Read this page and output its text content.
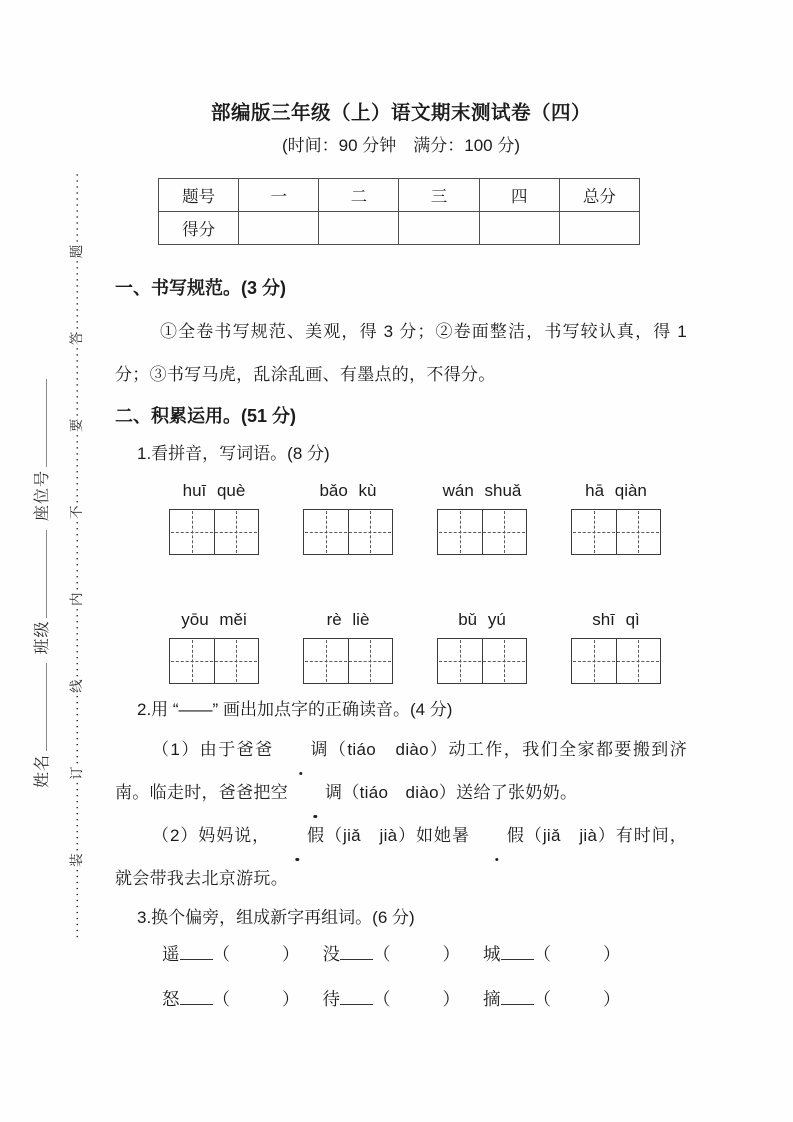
············装············订············线············内············不············要············答············题············
姓名 班级 座位号
部编版三年级（上）语文期末测试卷（四）
(时间：90 分钟　满分：100 分)
题号	一	二	三	四	总分
得分					
一、书写规范。(3 分)

①全卷书写规范、美观，得 3 分；②卷面整洁，书写较认真，得 1 分；③书写马虎，乱涂乱画、有墨点的，不得分。

二、积累运用。(51 分)

1.看拼音，写词语。(8 分)

huī què	bǎo kù	wán shuǎ	hā qiàn
yōu měi	rè liè	bǔ yú	shī qì

2.用 “——” 画出加点字的正确读音。(4 分)

（1）由于爸爸 调（tiáo　diào）动工作，我们全家都要搬到济南。临走时，爸爸把空 调（tiáo　diào）送给了张奶奶。

（2）妈妈说， 假（jiǎ　jià）如她暑 假（jiǎ　jià）有时间，就会带我去北京游玩。

3.换个偏旁，组成新字再组词。(6 分)

遥 （	） 没 （	） 城 （	）
怒 （	） 待 （	） 摘 （	）
